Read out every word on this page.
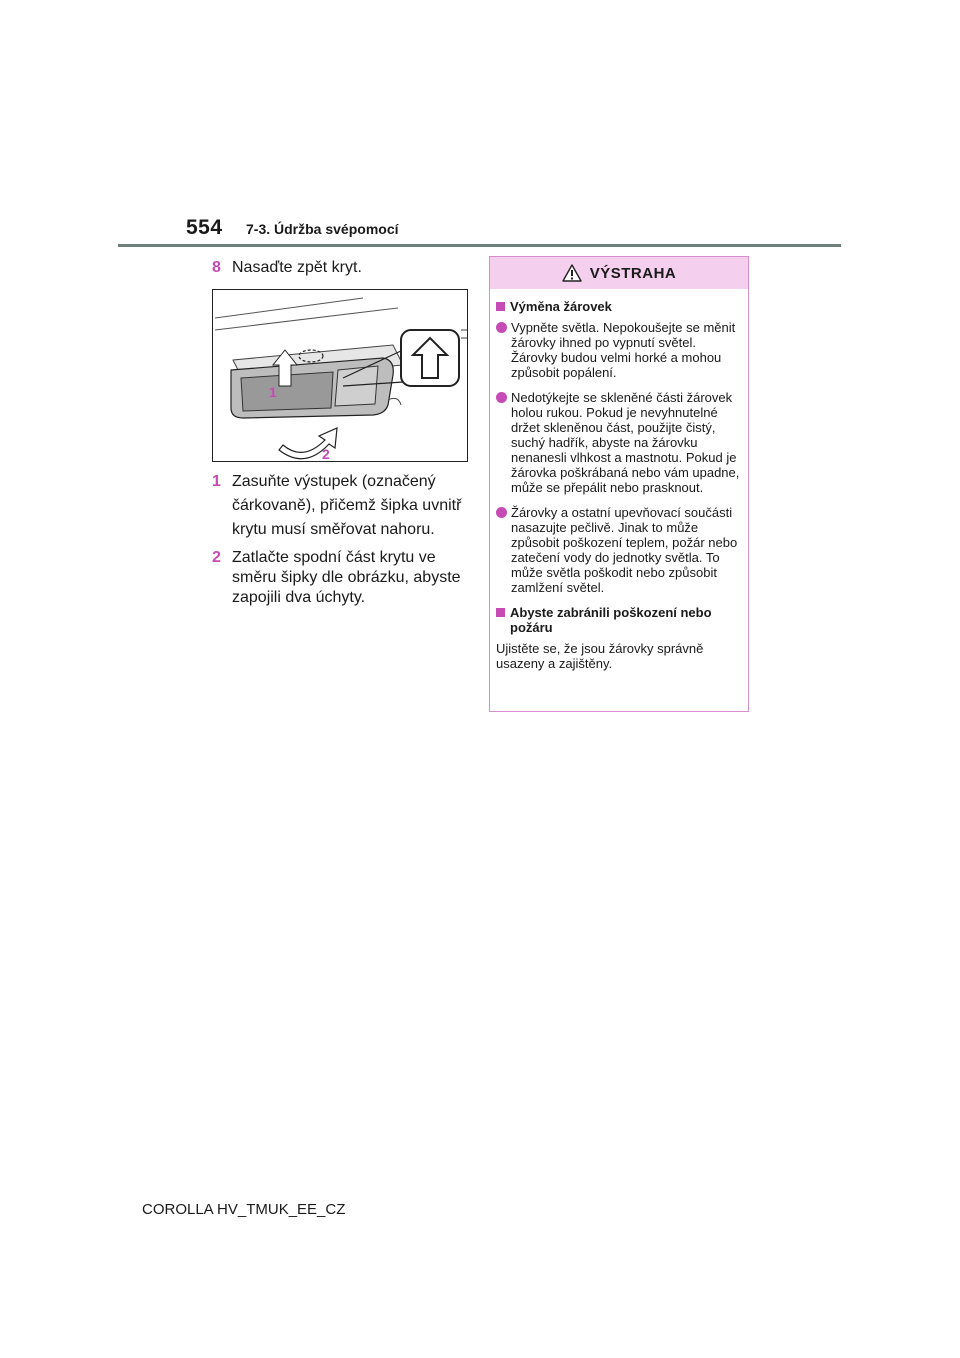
554 7-3. Údržba svépomocí
8 Nasaďte zpět kryt.
1
2
1 Zasuňte výstupek (označený čárkovaně), přičemž šipka uvnitř krytu musí směřovat nahoru.
2 Zatlačte spodní část krytu ve směru šipky dle obrázku, abyste zapojili dva úchyty.
VÝSTRAHA
Výměna žárovek
Vypněte světla. Nepokoušejte se měnit žárovky ihned po vypnutí světel. Žárovky budou velmi horké a mohou způsobit popálení.
Nedotýkejte se skleněné části žárovek holou rukou. Pokud je nevyhnutelné držet skleněnou část, použijte čistý, suchý hadřík, abyste na žárovku nenanesli vlhkost a mastnotu. Pokud je žárovka poškrábaná nebo vám upadne, může se přepálit nebo prasknout.
Žárovky a ostatní upevňovací součásti nasazujte pečlivě. Jinak to může způsobit poškození teplem, požár nebo zatečení vody do jednotky světla. To může světla poškodit nebo způsobit zamlžení světel.
Abyste zabránili poškození nebo požáru
Ujistěte se, že jsou žárovky správně usazeny a zajištěny.
COROLLA HV_TMUK_EE_CZ
